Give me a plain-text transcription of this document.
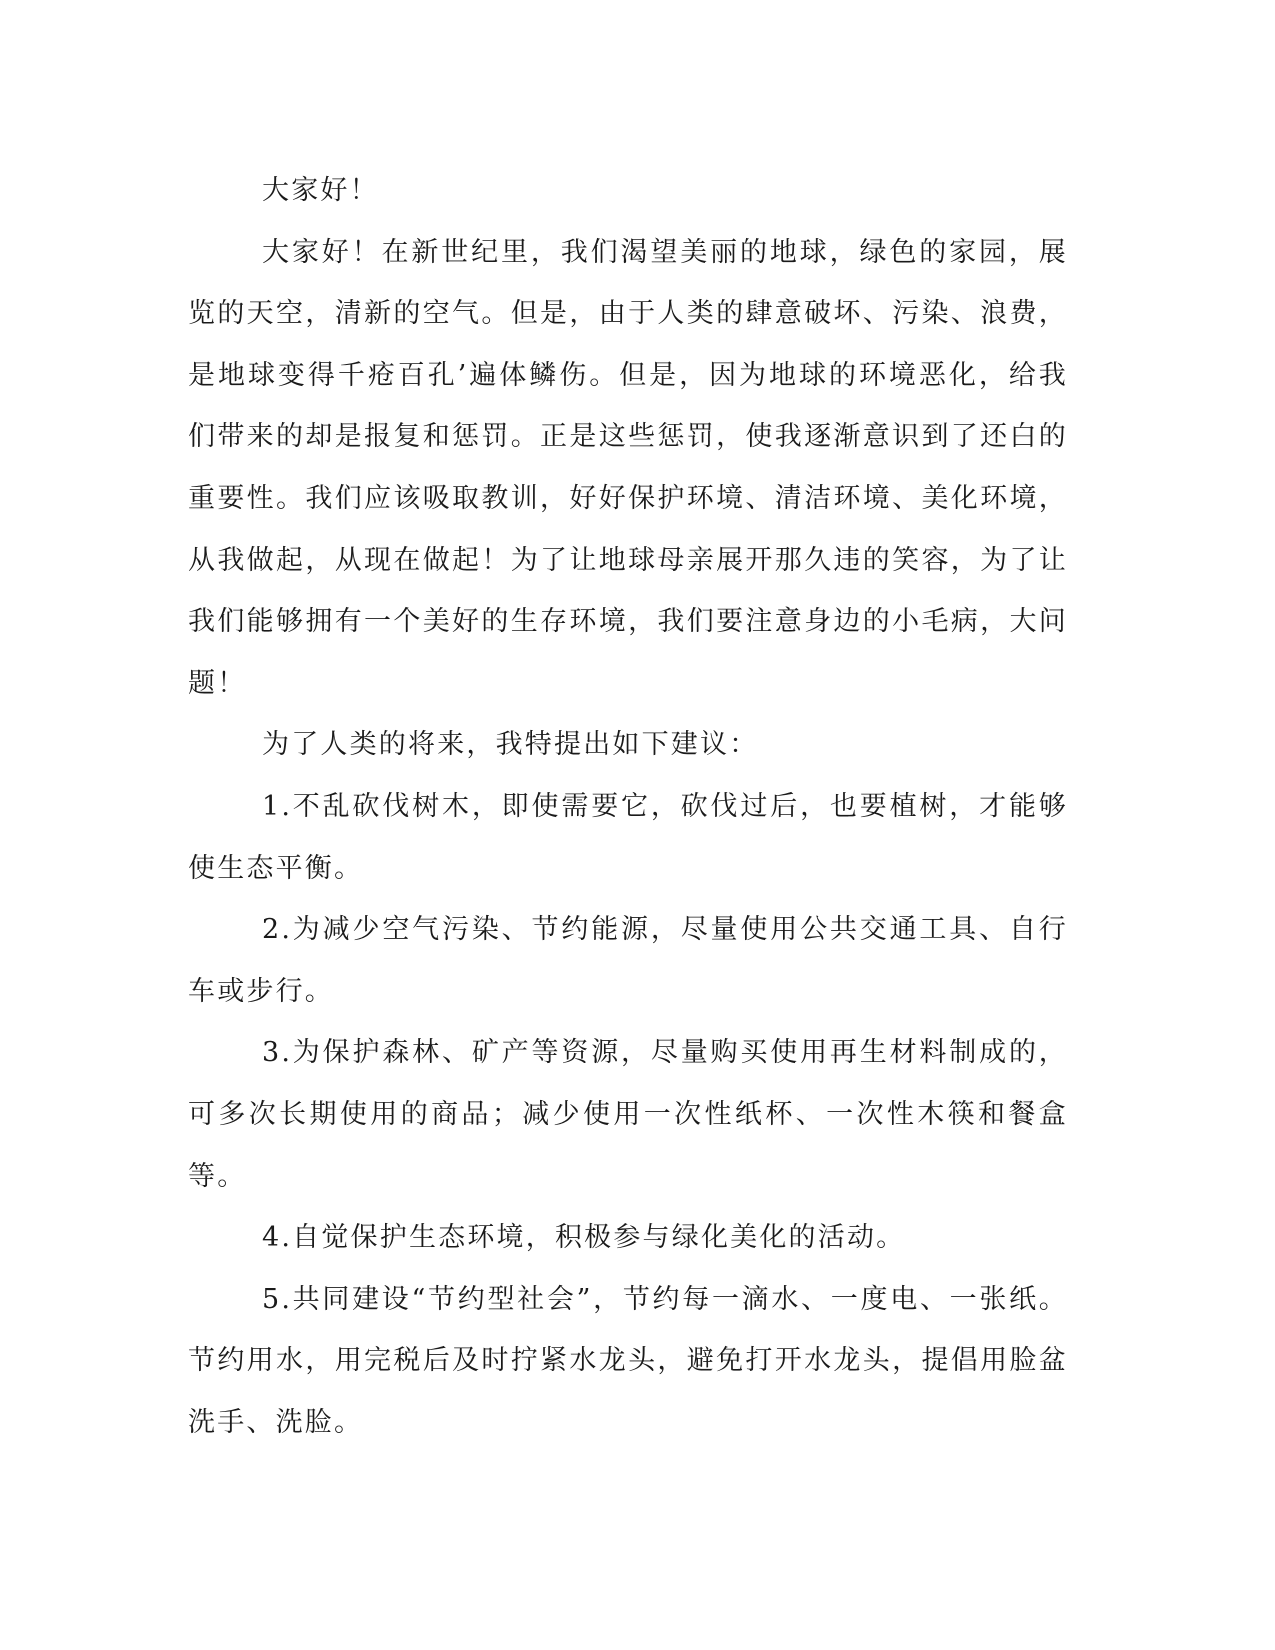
大家好！

大家好！在新世纪里，我们渴望美丽的地球，绿色的家园，展览的天空，清新的空气。但是，由于人类的肆意破坏、污染、浪费，是地球变得千疮百孔’遍体鳞伤。但是，因为地球的环境恶化，给我们带来的却是报复和惩罚。正是这些惩罚，使我逐渐意识到了还白的重要性。我们应该吸取教训，好好保护环境、清洁环境、美化环境，从我做起，从现在做起！为了让地球母亲展开那久违的笑容，为了让我们能够拥有一个美好的生存环境，我们要注意身边的小毛病，大问题！

为了人类的将来，我特提出如下建议：

1.不乱砍伐树木，即使需要它，砍伐过后，也要植树，才能够使生态平衡。

2.为减少空气污染、节约能源，尽量使用公共交通工具、自行车或步行。

3.为保护森林、矿产等资源，尽量购买使用再生材料制成的，可多次长期使用的商品；减少使用一次性纸杯、一次性木筷和餐盒等。

4.自觉保护生态环境，积极参与绿化美化的活动。

5.共同建设“节约型社会”，节约每一滴水、一度电、一张纸。节约用水，用完税后及时拧紧水龙头，避免打开水龙头，提倡用脸盆洗手、洗脸。
